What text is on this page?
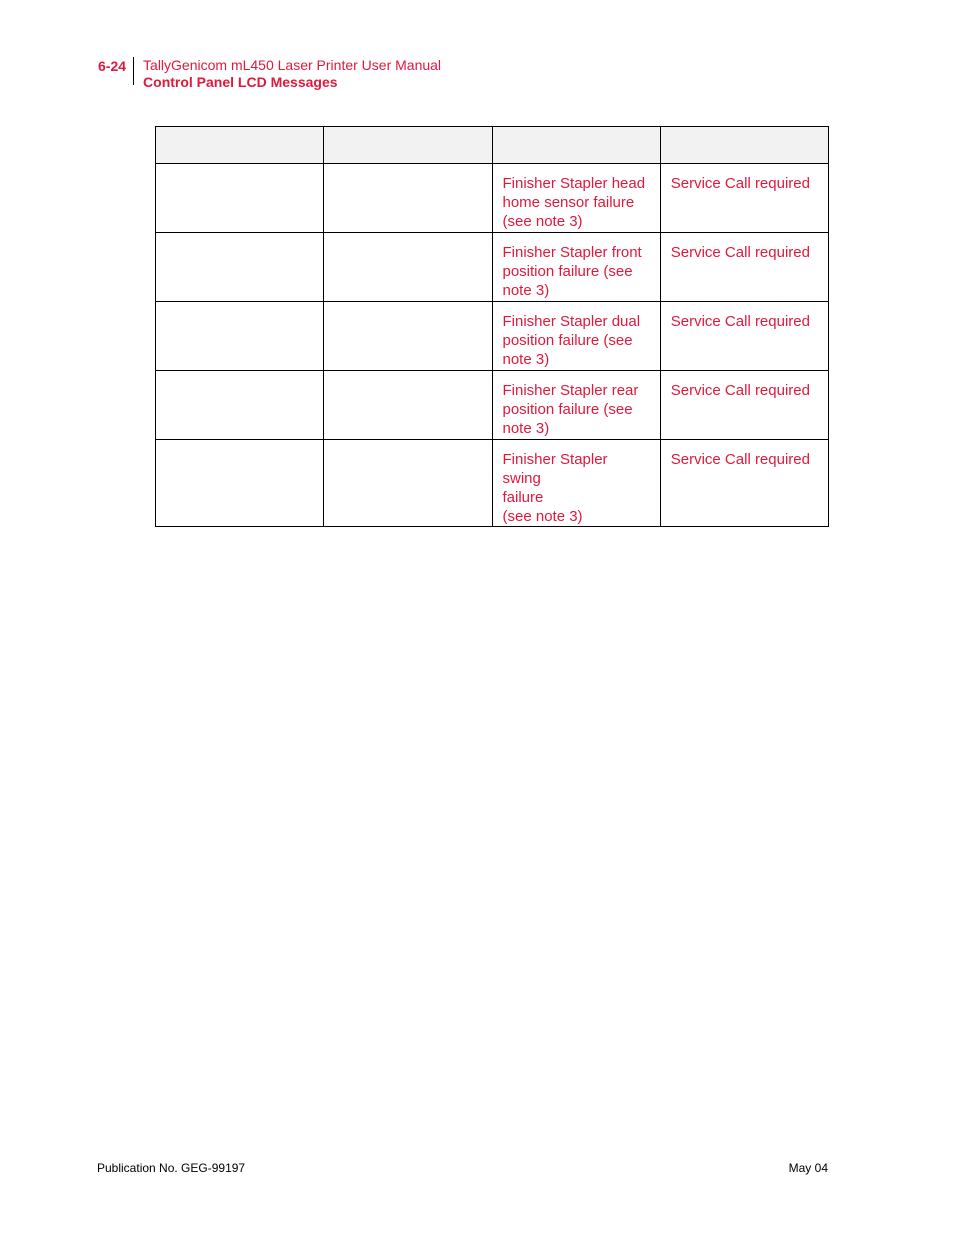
6-24	TallyGenicom mL450 Laser Printer User Manual
Control Panel LCD Messages

		Finisher Stapler head
home sensor failure
(see note 3)	Service Call required
		Finisher Stapler front
position failure (see
note 3)	Service Call required
		Finisher Stapler dual
position failure (see
note 3)	Service Call required
		Finisher Stapler rear
position failure (see
note 3)	Service Call required
		Finisher Stapler swing
failure
(see note 3)	Service Call required
Publication No. GEG-99197	May 04
